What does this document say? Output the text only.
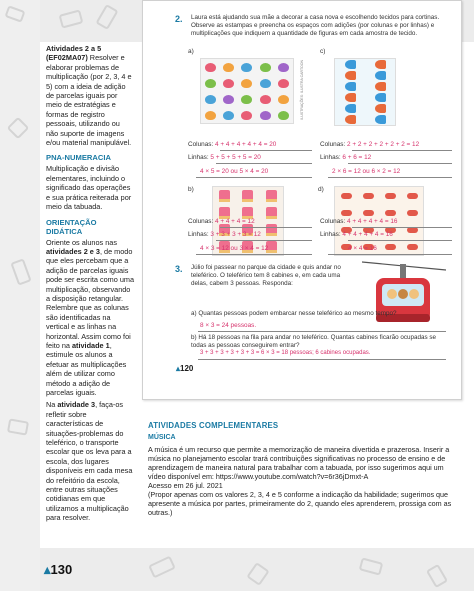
Atividades 2 a 5
(EF02MA07) Resolver e elaborar problemas de multiplicação (por 2, 3, 4 e 5) com a ideia de adição de parcelas iguais por meio de estratégias e formas de registro pessoais, utilizando ou não suporte de imagens e/ou material manipulável.

PNA-NUMERACIA

Multiplicação e divisão elementares, incluindo o significado das operações e sua prática reiterada por meio da tabuada.

ORIENTAÇÃO DIDÁTICA

Oriente os alunos nas atividades 2 e 3, de modo que eles percebam que a adição de parcelas iguais pode ser escrita como uma multiplicação, observando a disposição retangular. Relembre que as colunas são identificadas na vertical e as linhas na horizontal. Assim como foi feito na atividade 1, estimule os alunos a efetuar as multiplicações além de utilizar como método a adição de parcelas iguais.

Na atividade 3, faça-os refletir sobre características de situações-problemas do teleférico, o transporte escolar que os leva para a escola, dos lugares disponíveis em cada mesa do refeitório da escola, entre outras situações cotidianas em que utilizamos a multiplicação para resolver.

2. Laura está ajudando sua mãe a decorar a casa nova e escolhendo tecidos para cortinas. Observe as estampas e preencha os espaços com adições (por colunas e por linhas) e multiplicações que indiquem a quantidade de figuras em cada amostra de tecido.
a)	c)
ILUSTRAÇÕES: ILUSTRA CARTOON
Colunas: 4 + 4 + 4 + 4 + 4 = 20
Linhas: 5 + 5 + 5 + 5 = 20
4 × 5 = 20 ou 5 × 4 = 20
Colunas: 2 + 2 + 2 + 2 + 2 + 2 = 12
Linhas: 6 + 6 = 12
2 × 6 = 12 ou 6 × 2 = 12
b)	d)
Colunas: 4 + 4 + 4 = 12
Linhas: 3 + 3 + 3 + 3 = 12
4 × 3 = 12 ou 3 × 4 = 12
Colunas: 4 + 4 + 4 + 4 = 16
Linhas: 4 + 4 + 4 + 4 = 16
4 × 4 = 16
3. Júlio foi passear no parque da cidade e quis andar no teleférico. O teleférico tem 8 cabines e, em cada uma delas, cabem 3 pessoas. Responda:
a) Quantas pessoas podem embarcar nesse teleférico ao mesmo tempo?
8 × 3 = 24 pessoas.
b) Há 18 pessoas na fila para andar no teleférico. Quantas cabines ficarão ocupadas se todas as pessoas conseguirem entrar?
3 + 3 + 3 + 3 + 3 + 3 = 6 × 3 = 18 pessoas; 6 cabines ocupadas.
▴120
ATIVIDADES COMPLEMENTARES
MÚSICA

A música é um recurso que permite a memorização de maneira divertida e prazerosa. Inserir a música no planejamento escolar trará contribuições significativas no processo de ensino e de aprendizagem de maneira natural para trabalhar com a tabuada, por isso sugerimos aqui um vídeo disponível em: https://www.youtube.com/watch?v=6r36jDmxt-A

Acesso em 26 jul. 2021

(Propor apenas com os valores 2, 3, 4 e 5 conforme a indicação da habilidade; sugerimos que apresente a música por partes, primeiramente do 2, quando eles aprenderem, prossiga com as outras.)

▴130
